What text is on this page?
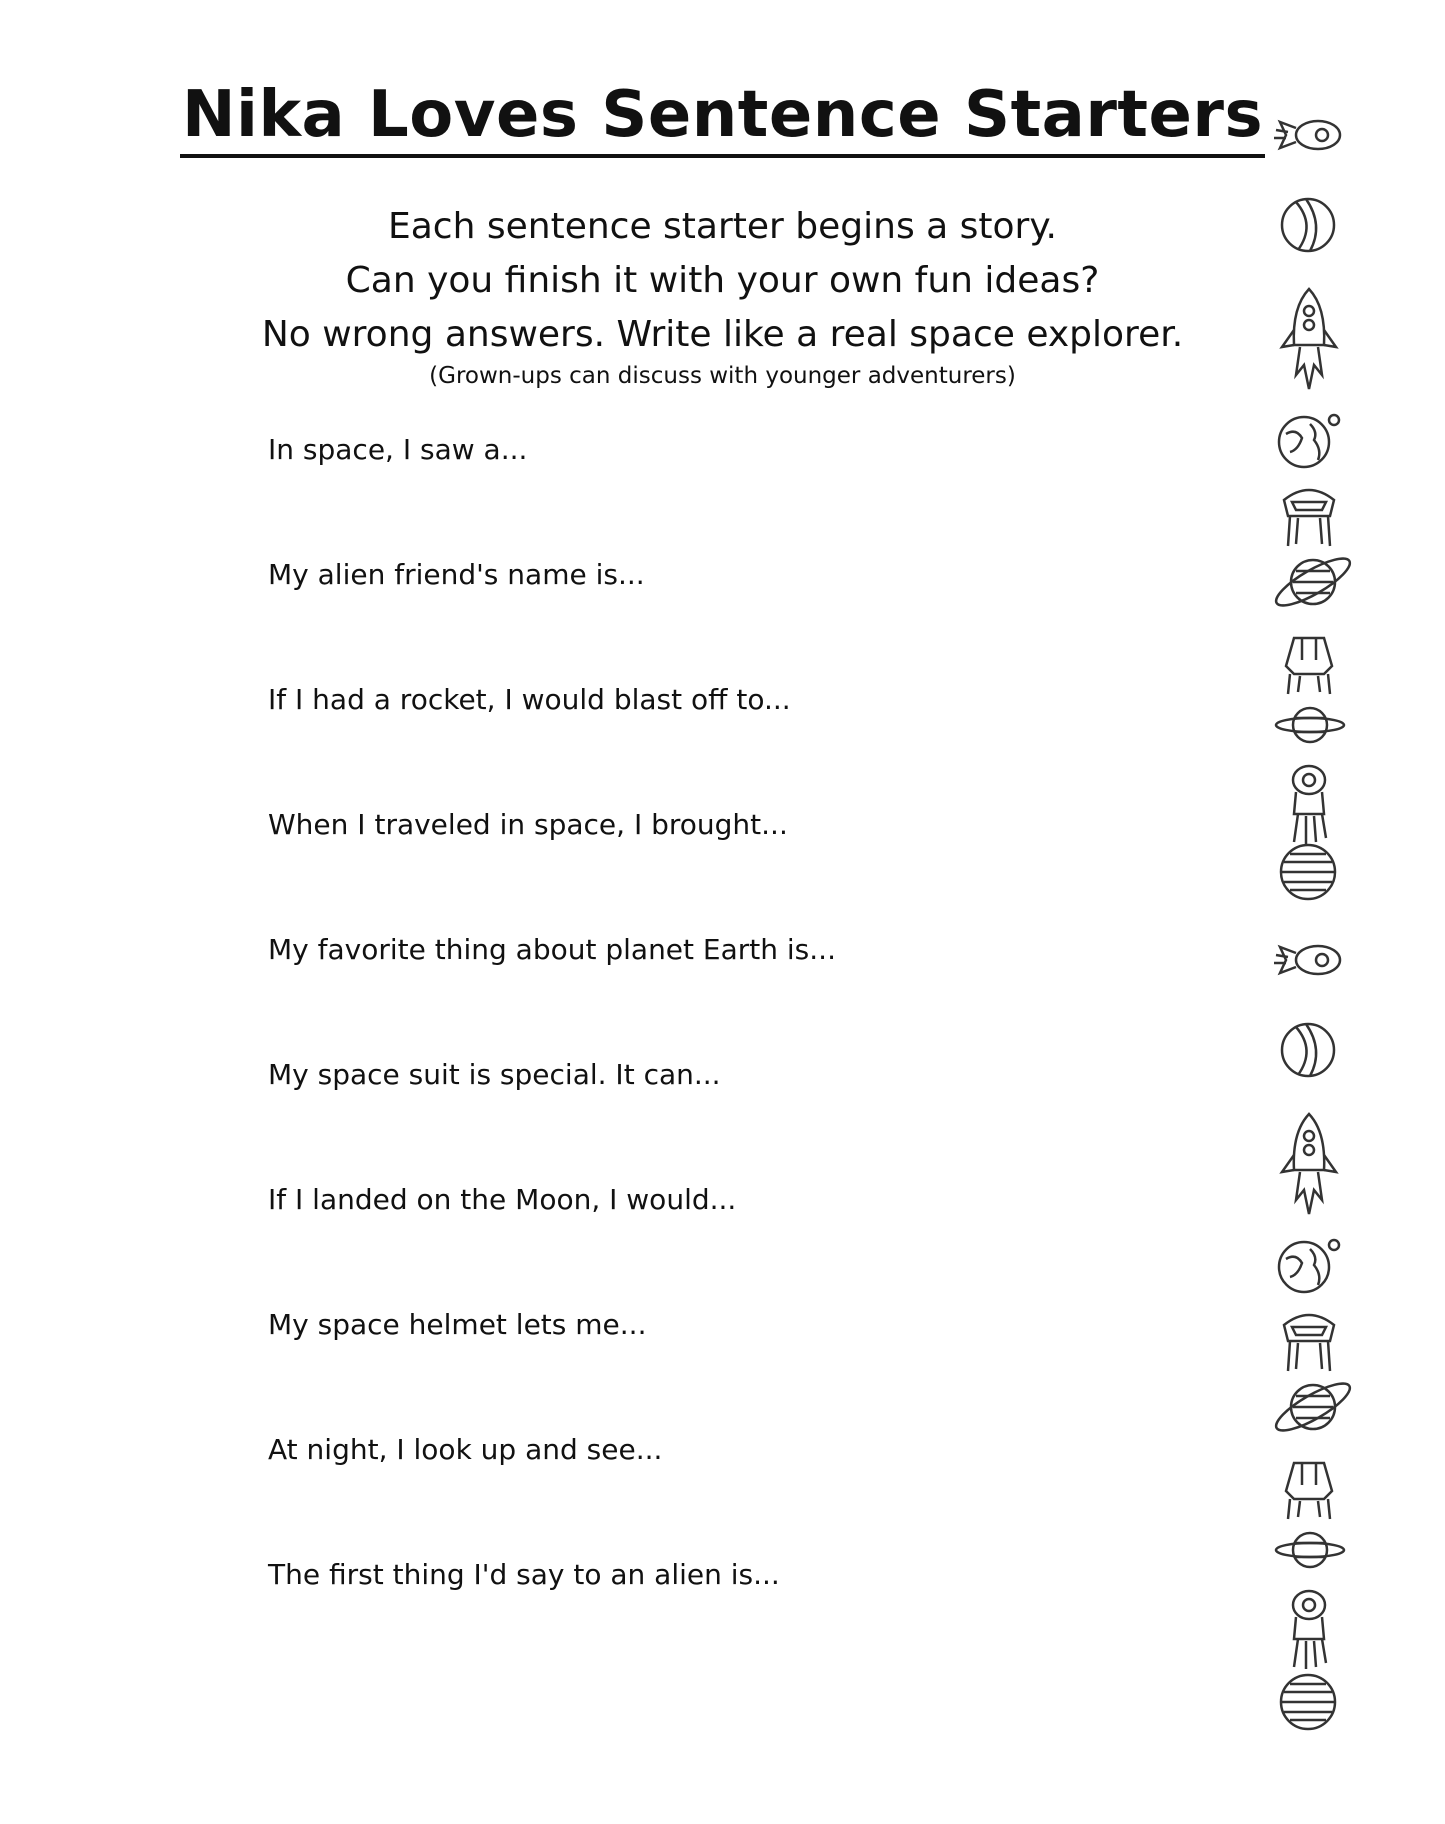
Nika Loves Sentence Starters
Each sentence starter begins a story.
Can you finish it with your own fun ideas?
No wrong answers. Write like a real space explorer.
(Grown-ups can discuss with younger adventurers)
In space, I saw a...
My alien friend's name is...
If I had a rocket, I would blast off to...
When I traveled in space, I brought...
My favorite thing about planet Earth is...
My space suit is special. It can...
If I landed on the Moon, I would...
My space helmet lets me...
At night, I look up and see...
The first thing I'd say to an alien is...
